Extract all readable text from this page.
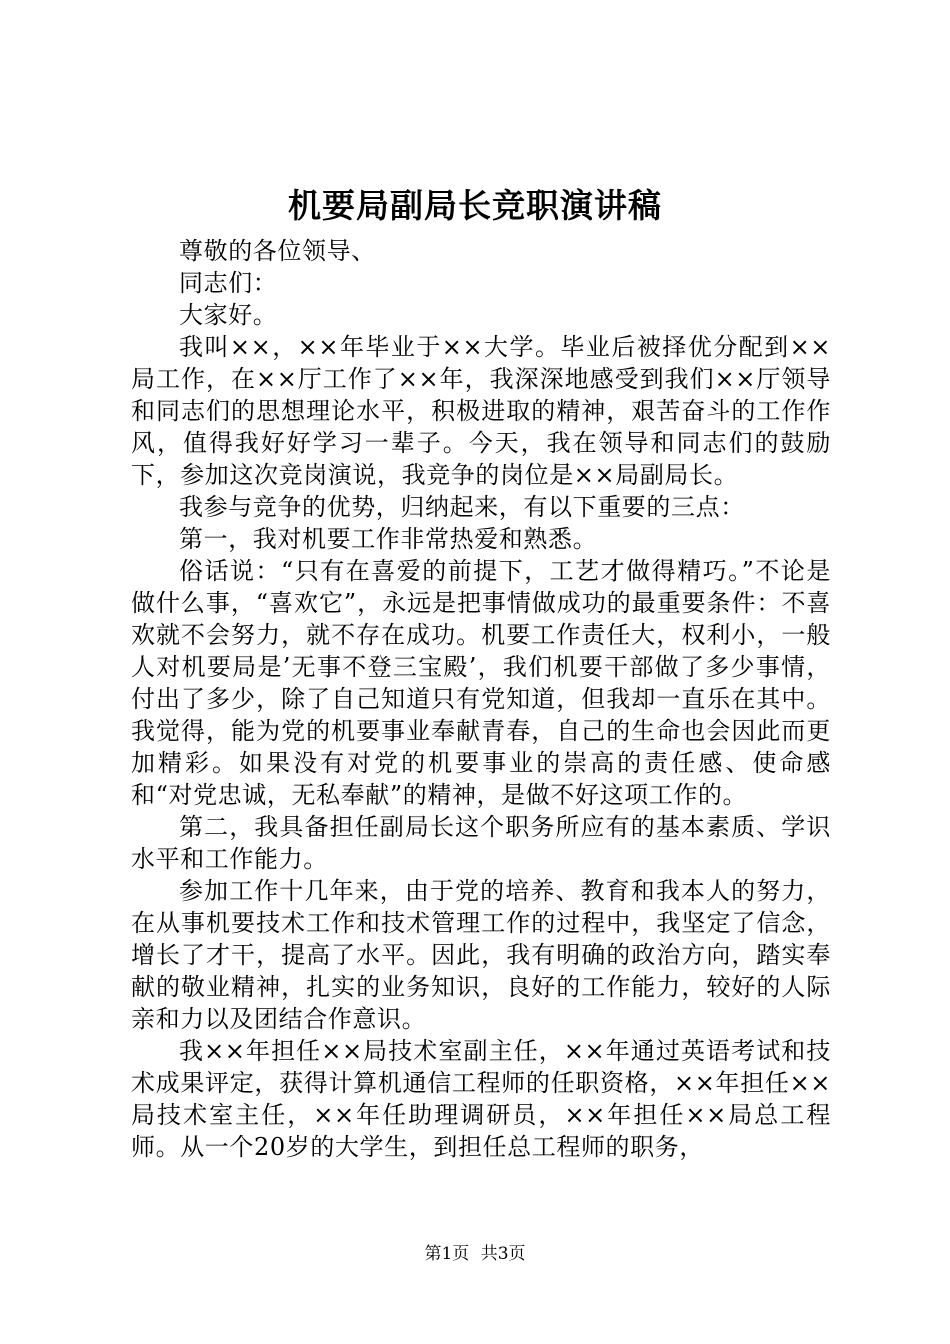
机要局副局长竞职演讲稿

尊敬的各位领导、

同志们：

大家好。

我叫××，××年毕业于××大学。毕业后被择优分配到××局工作，在××厅工作了××年，我深深地感受到我们××厅领导和同志们的思想理论水平，积极进取的精神，艰苦奋斗的工作作风，值得我好好学习一辈子。今天，我在领导和同志们的鼓励下，参加这次竞岗演说，我竞争的岗位是××局副局长。

我参与竞争的优势，归纳起来，有以下重要的三点：

第一，我对机要工作非常热爱和熟悉。

俗话说：“只有在喜爱的前提下，工艺才做得精巧。”不论是做什么事，“喜欢它”，永远是把事情做成功的最重要条件：不喜欢就不会努力，就不存在成功。机要工作责任大，权利小，一般人对机要局是’无事不登三宝殿’，我们机要干部做了多少事情，付出了多少，除了自己知道只有党知道，但我却一直乐在其中。我觉得，能为党的机要事业奉献青春，自己的生命也会因此而更加精彩。如果没有对党的机要事业的崇高的责任感、使命感和“对党忠诚，无私奉献”的精神，是做不好这项工作的。

第二，我具备担任副局长这个职务所应有的基本素质、学识水平和工作能力。

参加工作十几年来，由于党的培养、教育和我本人的努力，在从事机要技术工作和技术管理工作的过程中，我坚定了信念，增长了才干，提高了水平。因此，我有明确的政治方向，踏实奉献的敬业精神，扎实的业务知识，良好的工作能力，较好的人际亲和力以及团结合作意识。

我××年担任××局技术室副主任，××年通过英语考试和技术成果评定，获得计算机通信工程师的任职资格，××年担任××局技术室主任，××年任助理调研员，××年担任××局总工程师。从一个20岁的大学生，到担任总工程师的职务，

第1页 共3页
